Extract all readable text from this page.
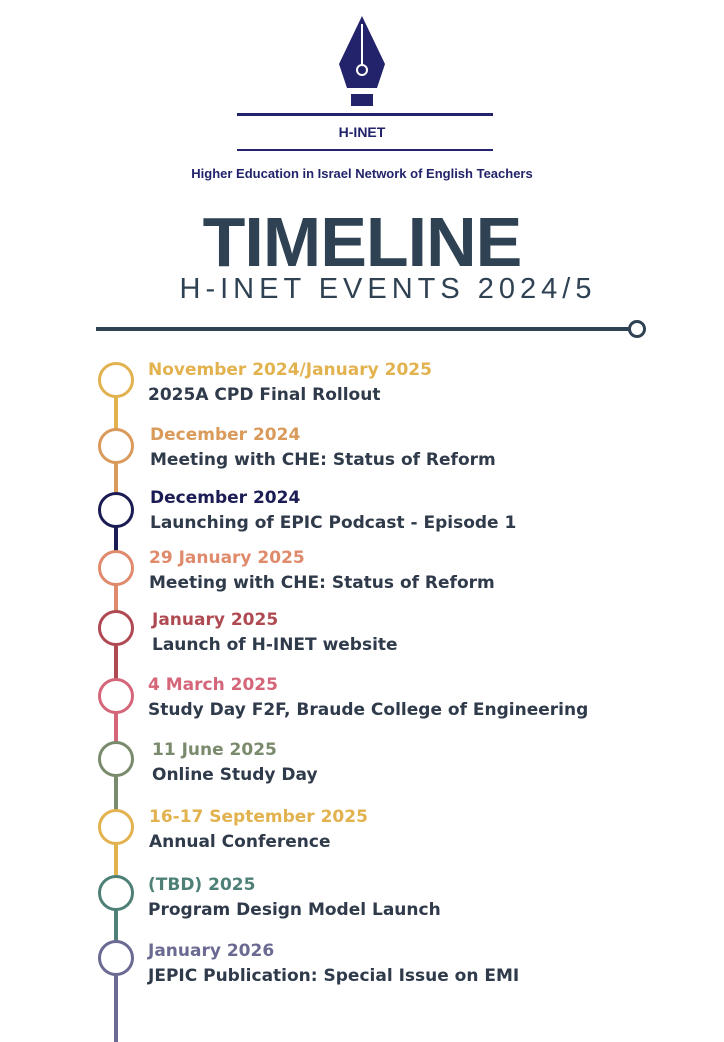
H-INET
Higher Education in Israel Network of English Teachers
TIMELINE
H-INET EVENTS 2024/5
November 2024/January 2025
2025A CPD Final Rollout
December 2024
Meeting with CHE: Status of Reform
December 2024
Launching of EPIC Podcast - Episode 1
29 January 2025
Meeting with CHE: Status of Reform
January 2025
Launch of H-INET website
4 March 2025
Study Day F2F, Braude College of Engineering
11 June 2025
Online Study Day
16-17 September 2025
Annual Conference
(TBD) 2025
Program Design Model Launch
January 2026
JEPIC Publication: Special Issue on EMI
